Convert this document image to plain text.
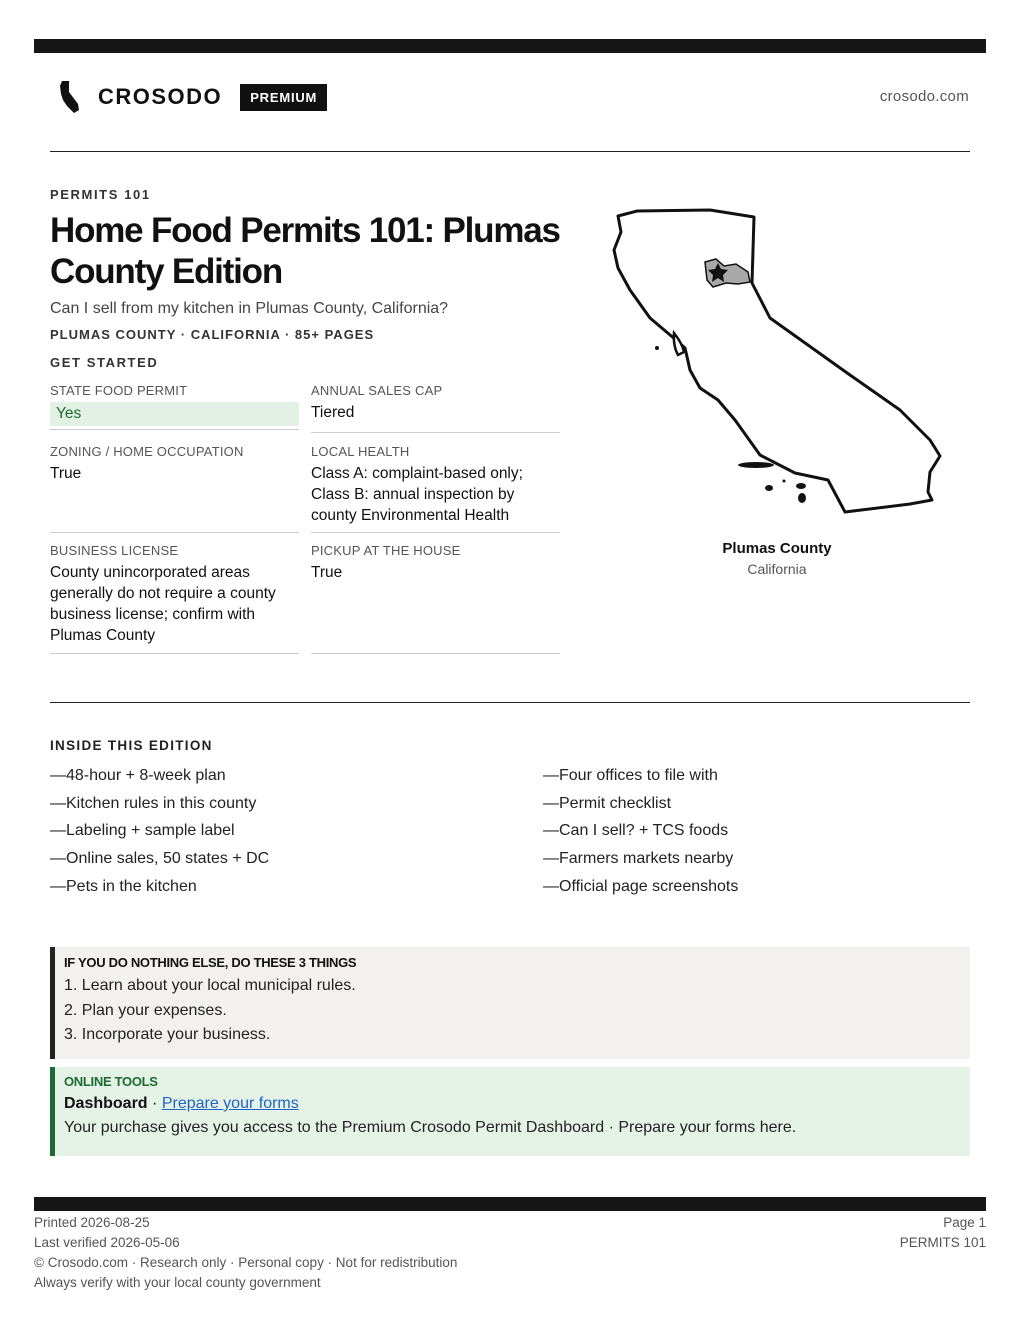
CROSODO	PREMIUM	crosodo.com
PERMITS 101
Home Food Permits 101: Plumas County Edition
Can I sell from my kitchen in Plumas County, California?
PLUMAS COUNTY · CALIFORNIA · 85+ PAGES
GET STARTED
STATE FOOD PERMIT
Yes
ANNUAL SALES CAP
Tiered
ZONING / HOME OCCUPATION
True
LOCAL HEALTH
Class A: complaint-based only; Class B: annual inspection by county Environmental Health
BUSINESS LICENSE
County unincorporated areas generally do not require a county business license; confirm with Plumas County
PICKUP AT THE HOUSE
True
Plumas County
California
INSIDE THIS EDITION
—48-hour + 8-week plan
—Kitchen rules in this county
—Labeling + sample label
—Online sales, 50 states + DC
—Pets in the kitchen
—Four offices to file with
—Permit checklist
—Can I sell? + TCS foods
—Farmers markets nearby
—Official page screenshots
IF YOU DO NOTHING ELSE, DO THESE 3 THINGS
1. Learn about your local municipal rules.
2. Plan your expenses.
3. Incorporate your business.
ONLINE TOOLS
Dashboard · Prepare your forms
Your purchase gives you access to the Premium Crosodo Permit Dashboard · Prepare your forms here.
Printed 2026-08-25
Last verified 2026-05-06
© Crosodo.com · Research only · Personal copy · Not for redistribution
Always verify with your local county government
Page 1
PERMITS 101
